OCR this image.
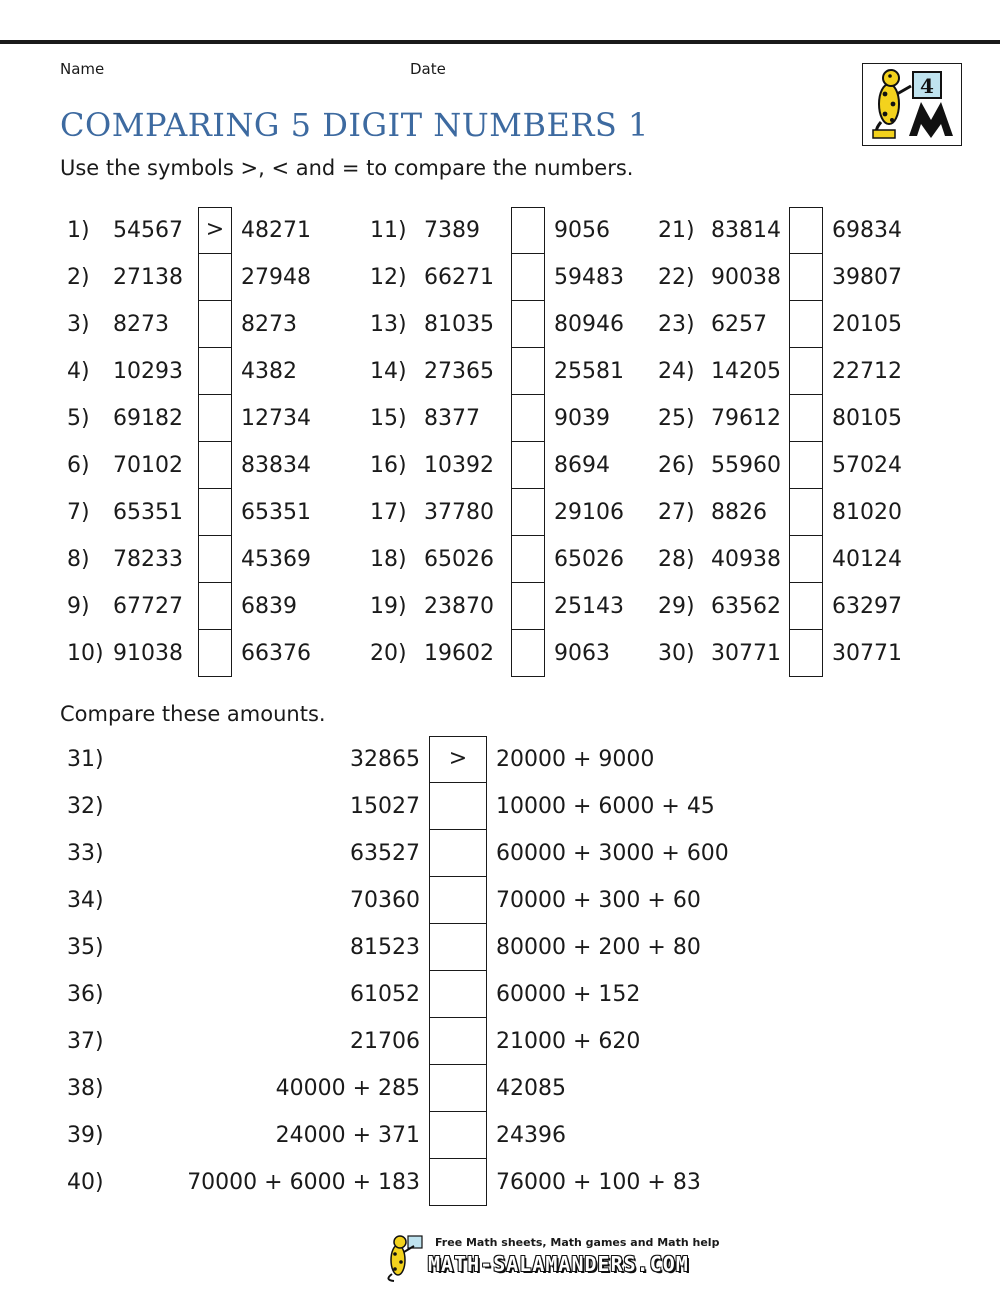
Name	Date
4
COMPARING 5 DIGIT NUMBERS 1
Use the symbols >, < and = to compare the numbers.
1) 54567	> 48271	11) 7389	9056 21) 83814 69834
2) 27138	27948	12) 66271	59483 22) 90038 39807
3) 8273	8273	13) 81035	80946 23) 6257	20105
4) 10293	4382	14) 27365	25581 24) 14205 22712
5) 69182	12734	15) 8377	9039 25) 79612 80105
6) 70102	83834	16) 10392	8694 26) 55960 57024
7) 65351	65351	17) 37780	29106 27) 8826	81020
8) 78233	45369	18) 65026	65026 28) 40938 40124
9) 67727	6839	19) 23870	25143 29) 63562 63297
10) 91038	66376	20) 19602	9063 30) 30771 30771
Compare these amounts.
31)	32865	>	20000 + 9000
32)	15027	10000 + 6000 + 45
33)	63527	60000 + 3000 + 600
34)	70360	70000 + 300 + 60
35)	81523	80000 + 200 + 80
36)	61052	60000 + 152
37)	21706	21000 + 620
38)	40000 + 285	42085
39)	24000 + 371	24396
40)	70000 + 6000 + 183	76000 + 100 + 83
Free Math sheets, Math games and Math help
MATH-SALAMANDERS.COM
